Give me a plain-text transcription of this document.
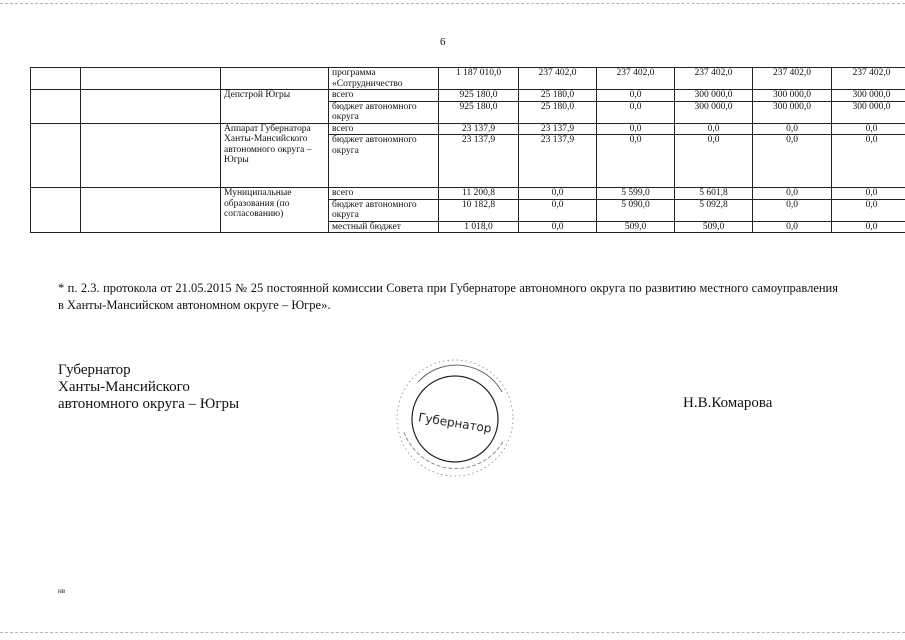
6
			программа «Сотрудничество	1 187 010,0	237 402,0	237 402,0	237 402,0	237 402,0	237 402,0
		Депстрой Югры	всего	925 180,0	25 180,0	0,0	300 000,0	300 000,0	300 000,0
			бюджет автономного округа	925 180,0	25 180,0	0,0	300 000,0	300 000,0	300 000,0
		Аппарат Губернатора Ханты-Мансийского автономного округа – Югры	всего	23 137,9	23 137,9	0,0	0,0	0,0	0,0
			бюджет автономного округа	23 137,9	23 137,9	0,0	0,0	0,0	0,0
		Муниципальные образования (по согласованию)	всего	11 200,8	0,0	5 599,0	5 601,8	0,0	0,0
			бюджет автономного округа	10 182,8	0,0	5 090,0	5 092,8	0,0	0,0
			местный бюджет	1 018,0	0,0	509,0	509,0	0,0	0,0
* п. 2.3. протокола от 21.05.2015 № 25 постоянной комиссии Совета при Губернаторе автономного округа по развитию местного самоуправления в Ханты-Мансийском автономном округе – Югре».
Губернатор
Ханты-Мансийского
автономного округа – Югры
Губернатор
Н.В.Комарова
нв
